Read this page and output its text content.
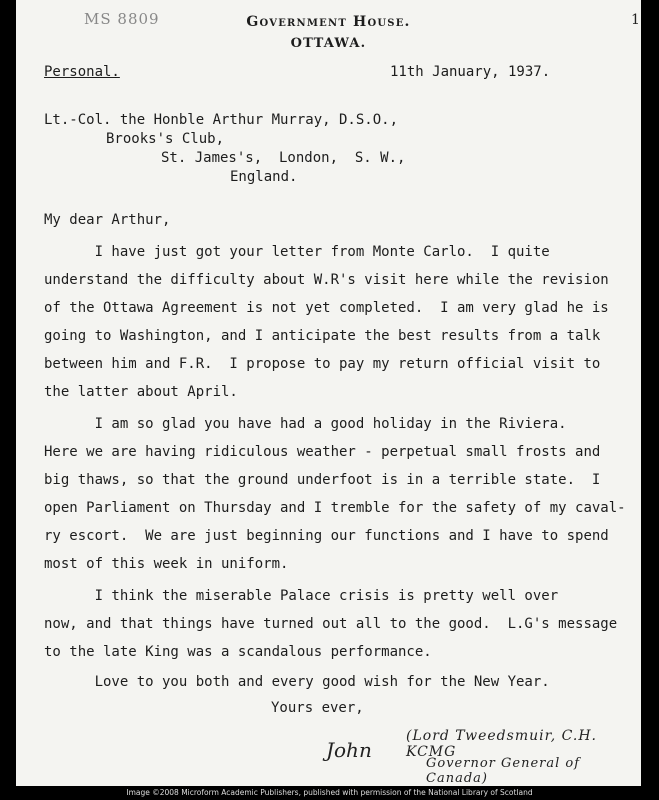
MS 8809	1
Government House.
OTTAWA.
Personal.	11th January, 1937.
Lt.-Col. the Honble Arthur Murray, D.S.O.,
Brooks's Club,
St. James's,  London,  S. W.,
England.
My dear Arthur,
I have just got your letter from Monte Carlo.  I quite
understand the difficulty about W.R's visit here while the revision
of the Ottawa Agreement is not yet completed.  I am very glad he is
going to Washington, and I anticipate the best results from a talk
between him and F.R.  I propose to pay my return official visit to
the latter about April.
I am so glad you have had a good holiday in the Riviera.
Here we are having ridiculous weather - perpetual small frosts and
big thaws, so that the ground underfoot is in a terrible state.  I
open Parliament on Thursday and I tremble for the safety of my caval-
ry escort.  We are just beginning our functions and I have to spend
most of this week in uniform.
I think the miserable Palace crisis is pretty well over
now, and that things have turned out all to the good.  L.G's message
to the late King was a scandalous performance.
Love to you both and every good wish for the New Year.
Yours ever,
John
(Lord Tweedsmuir, C.H. KCMG
Governor General of Canada)
Image ©2008 Microform Academic Publishers, published with permission of the National Library of Scotland
